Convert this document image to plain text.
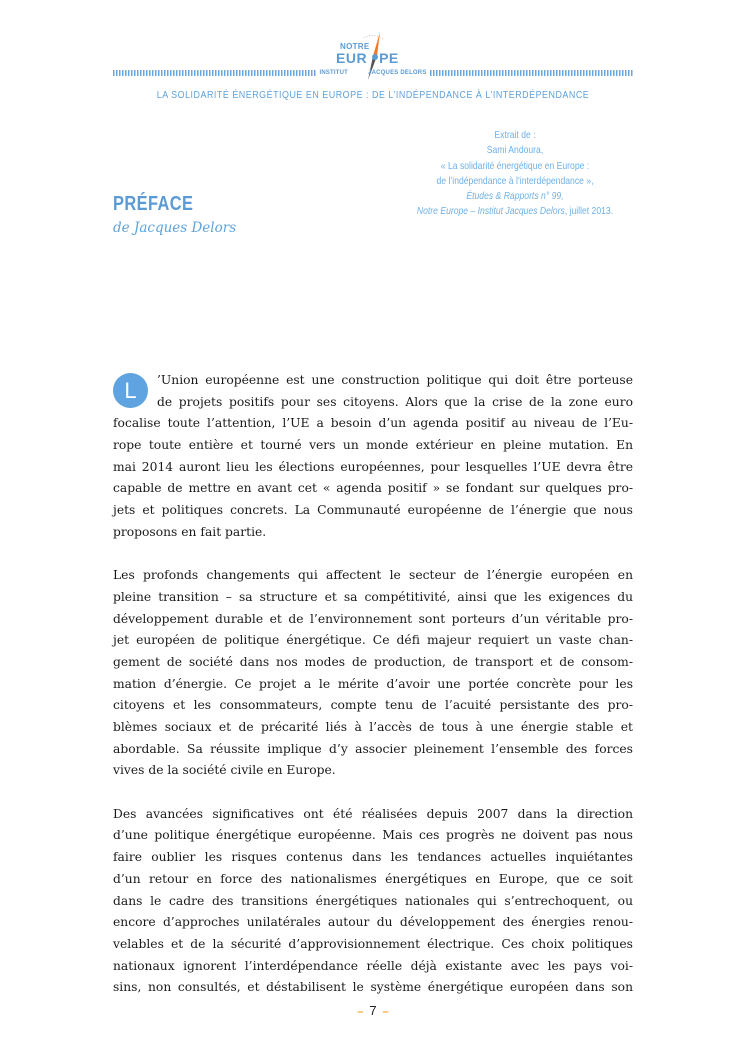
NOTRE
EUR PE
INSTITUT	JACQUES DELORS
LA SOLIDARITÉ ÉNERGÉTIQUE EN EUROPE : DE L’INDÉPENDANCE À L’INTERDÉPENDANCE
Extrait de :
Sami Andoura,
« La solidarité énergétique en Europe :
de l’indépendance à l’interdépendance »,
Études & Rapports n° 99,
Notre Europe – Institut Jacques Delors, juillet 2013.
PRÉFACE
de Jacques Delors
L	’Union européenne est une construction politique qui doit être porteuse
de projets positifs pour ses citoyens. Alors que la crise de la zone euro
focalise toute l’attention, l’UE a besoin d’un agenda positif au niveau de l’Eu-
rope toute entière et tourné vers un monde extérieur en pleine mutation. En
mai 2014 auront lieu les élections européennes, pour lesquelles l’UE devra être
capable de mettre en avant cet « agenda positif » se fondant sur quelques pro-
jets et politiques concrets. La Communauté européenne de l’énergie que nous
proposons en fait partie.
Les profonds changements qui affectent le secteur de l’énergie européen en
pleine transition – sa structure et sa compétitivité, ainsi que les exigences du
développement durable et de l’environnement sont porteurs d’un véritable pro-
jet européen de politique énergétique. Ce défi majeur requiert un vaste chan-
gement de société dans nos modes de production, de transport et de consom-
mation d’énergie. Ce projet a le mérite d’avoir une portée concrète pour les
citoyens et les consommateurs, compte tenu de l’acuité persistante des pro-
blèmes sociaux et de précarité liés à l’accès de tous à une énergie stable et
abordable. Sa réussite implique d’y associer pleinement l’ensemble des forces
vives de la société civile en Europe.
Des avancées significatives ont été réalisées depuis 2007 dans la direction
d’une politique énergétique européenne. Mais ces progrès ne doivent pas nous
faire oublier les risques contenus dans les tendances actuelles inquiétantes
d’un retour en force des nationalismes énergétiques en Europe, que ce soit
dans le cadre des transitions énergétiques nationales qui s’entrechoquent, ou
encore d’approches unilatérales autour du développement des énergies renou-
velables et de la sécurité d’approvisionnement électrique. Ces choix politiques
nationaux ignorent l’interdépendance réelle déjà existante avec les pays voi-
sins, non consultés, et déstabilisent le système énergétique européen dans son
– 7 –
